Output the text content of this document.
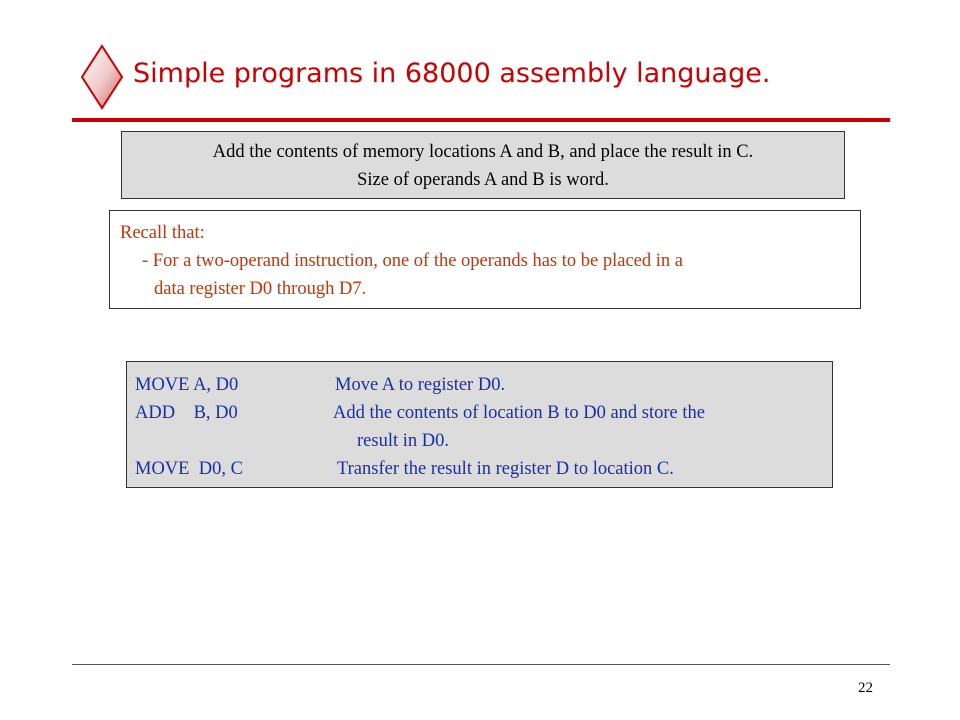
Simple programs in 68000 assembly language.
Add the contents of memory locations A and B, and place the result in C.
Size of operands A and B is word.
Recall that:
- For a two-operand instruction, one of the operands has to be placed in a
data register D0 through D7.
MOVE A, D0	Move A to register D0.
ADD    B, D0	Add the contents of location B to D0 and store the
result in D0.
MOVE  D0, C	Transfer the result in register D to location C.
22
